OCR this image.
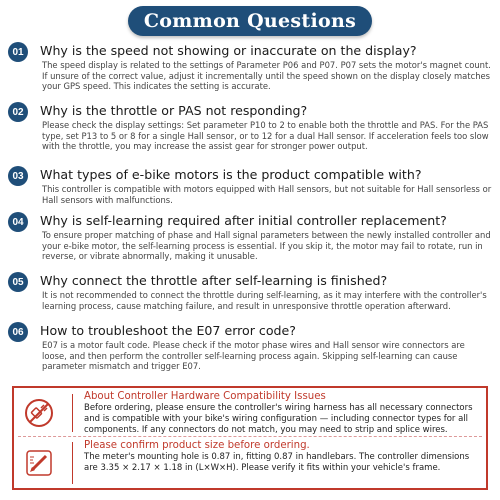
Common Questions
01	Why is the speed not showing or inaccurate on the display?
The speed display is related to the settings of Parameter P06 and P07. P07 sets the motor's magnet count. If unsure of the correct value, adjust it incrementally until the speed shown on the display closely matches your GPS speed. This indicates the setting is accurate.
02	Why is the throttle or PAS not responding?
Please check the display settings: Set parameter P10 to 2 to enable both the throttle and PAS. For the PAS type, set P13 to 5 or 8 for a single Hall sensor, or to 12 for a dual Hall sensor. If acceleration feels too slow with the throttle, you may increase the assist gear for stronger power output.
03	What types of e-bike motors is the product compatible with?
This controller is compatible with motors equipped with Hall sensors, but not suitable for Hall sensorless or Hall sensors with malfunctions.
04	Why is self-learning required after initial controller replacement?
To ensure proper matching of phase and Hall signal parameters between the newly installed controller and your e-bike motor, the self-learning process is essential. If you skip it, the motor may fail to rotate, run in reverse, or vibrate abnormally, making it unusable.
05	Why connect the throttle after self-learning is finished?
It is not recommended to connect the throttle during self-learning, as it may interfere with the controller's learning process, cause matching failure, and result in unresponsive throttle operation afterward.
06	How to troubleshoot the E07 error code?
E07 is a motor fault code. Please check if the motor phase wires and Hall sensor wire connectors are loose, and then perform the controller self-learning process again. Skipping self-learning can cause parameter mismatch and trigger E07.
About Controller Hardware Compatibility Issues
Before ordering, please ensure the controller's wiring harness has all necessary connectors and is compatible with your bike's wiring configuration — including connector types for all components. If any connectors do not match, you may need to strip and splice wires.
Please confirm product size before ordering.
The meter's mounting hole is 0.87 in, fitting 0.87 in handlebars. The controller dimensions are 3.35 × 2.17 × 1.18 in (L×W×H). Please verify it fits within your vehicle's frame.
